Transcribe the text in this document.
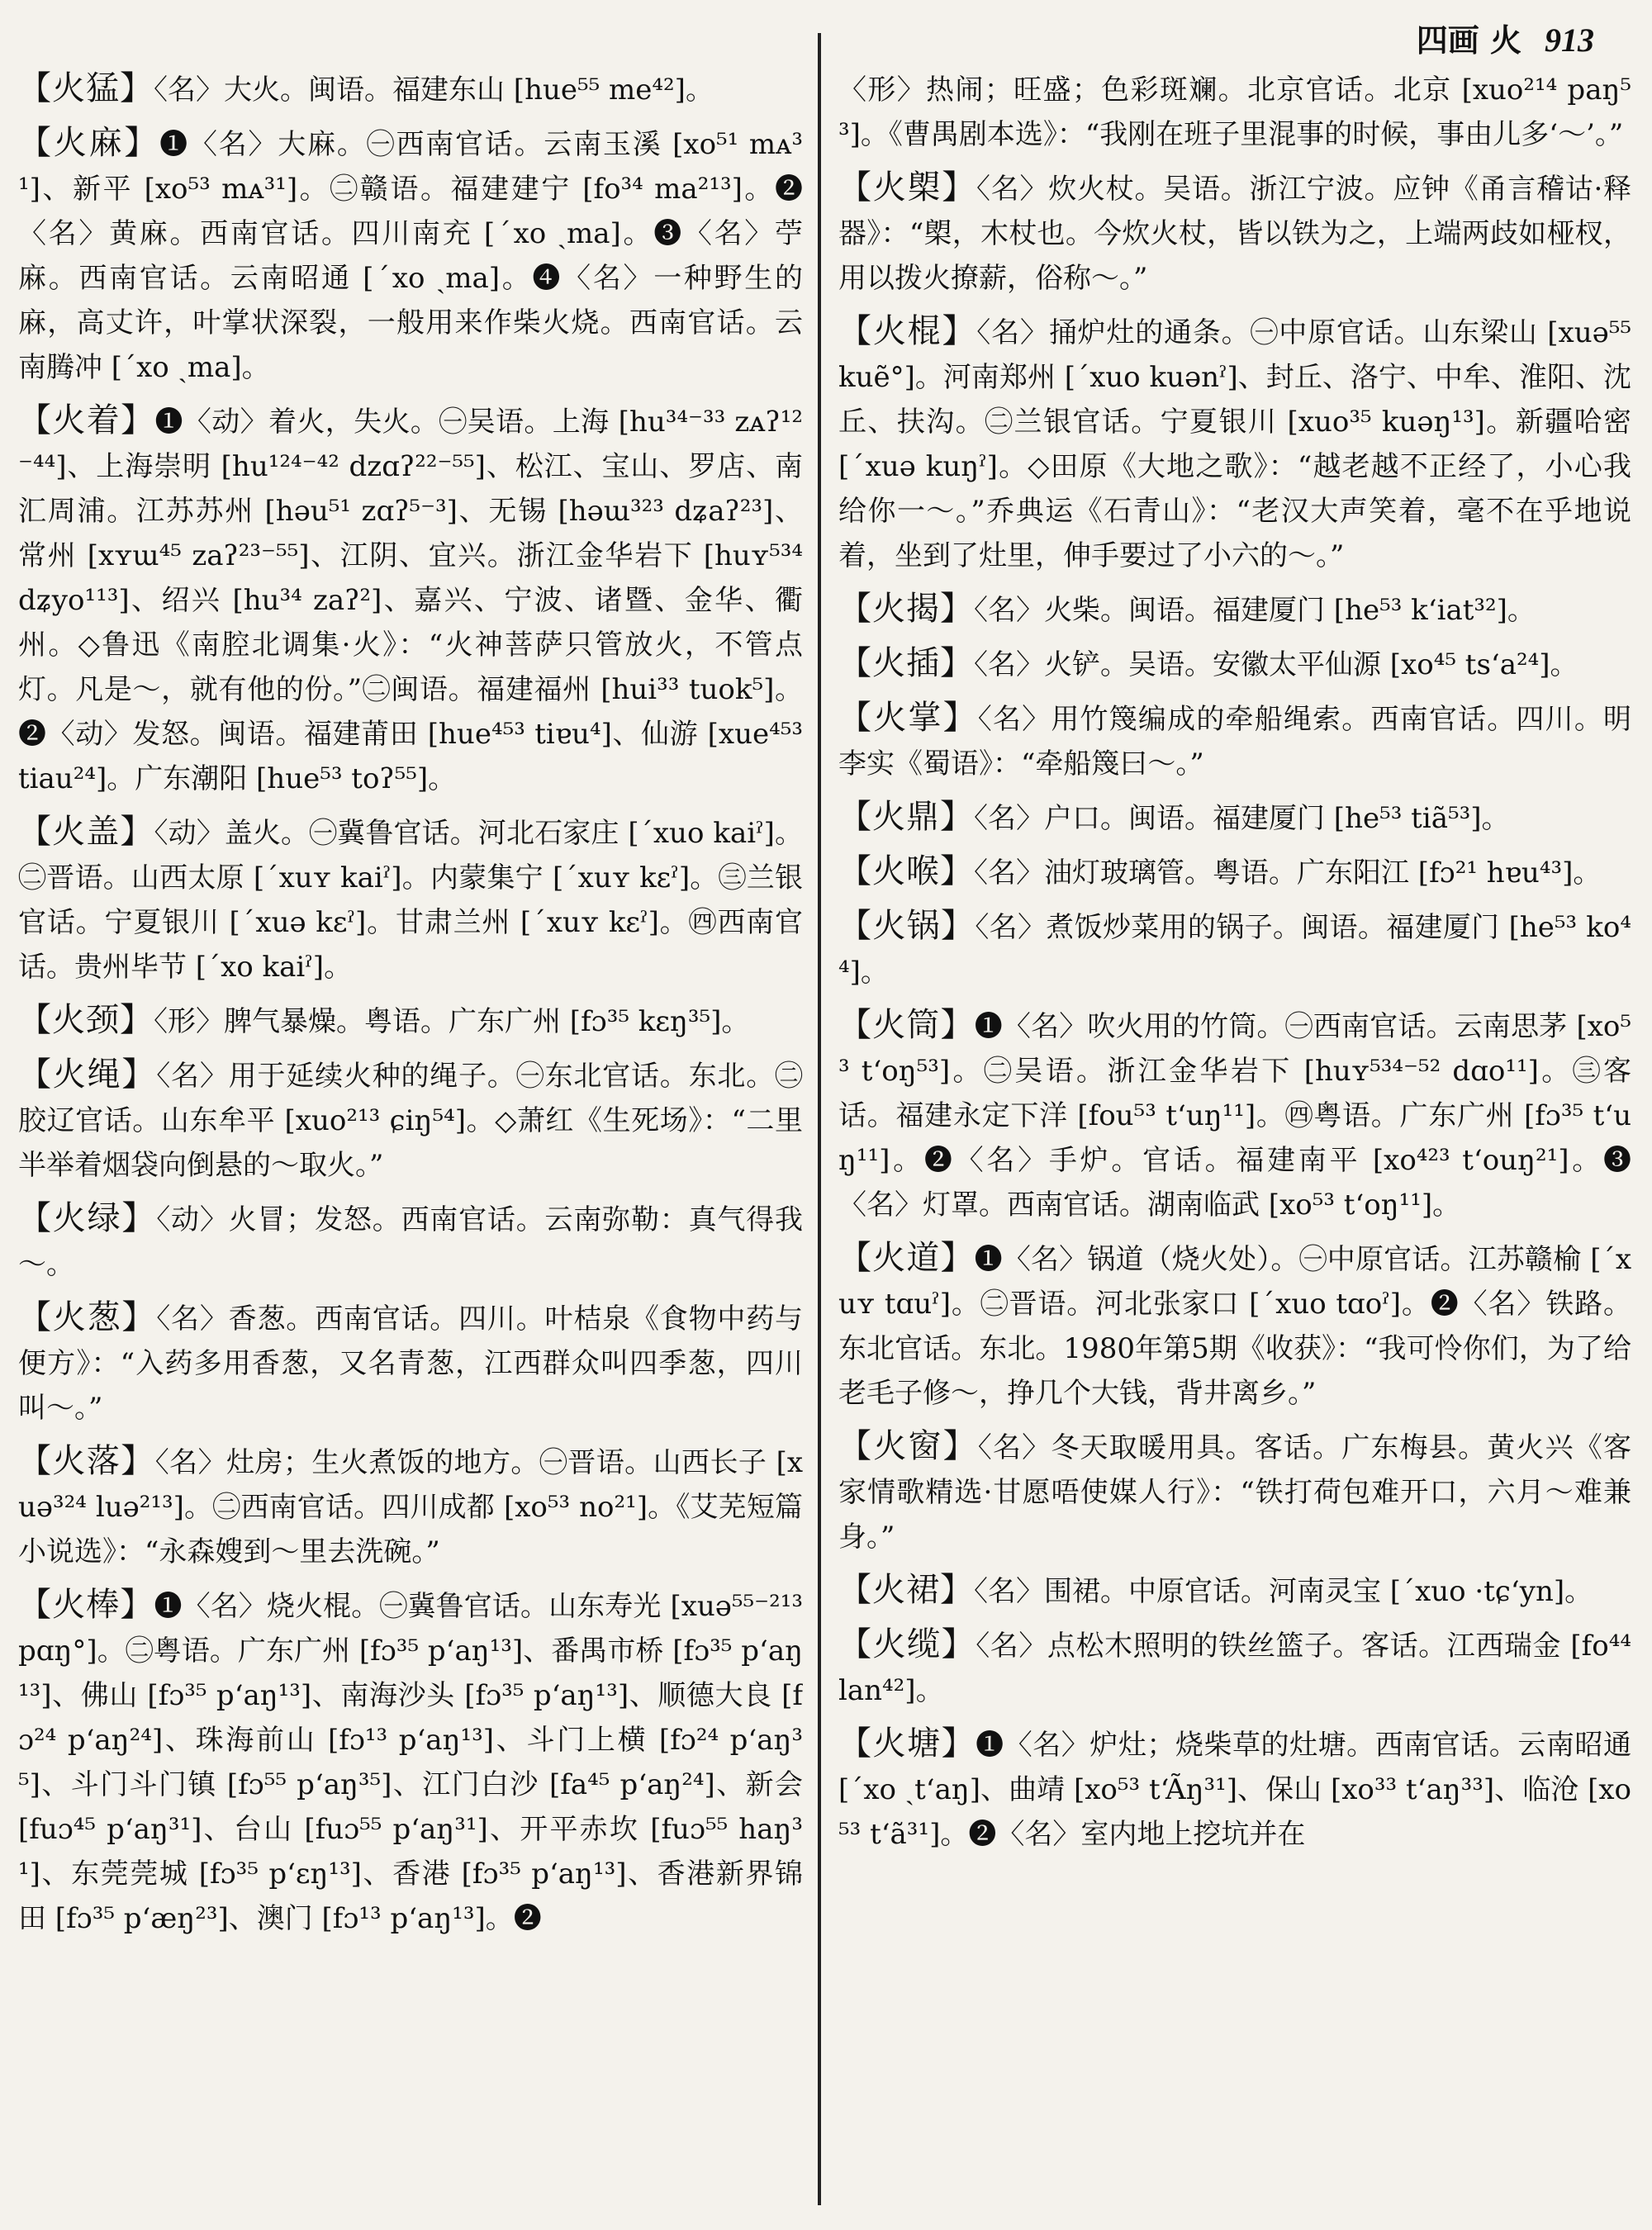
四画 火 913

【火猛】〈名〉大火。闽语。福建东山 [hue⁵⁵ me⁴²]。

【火麻】❶〈名〉大麻。㊀西南官话。云南玉溪 [xo⁵¹ mᴀ³¹]、新平 [xo⁵³ mᴀ³¹]。㊁赣语。福建建宁 [fo³⁴ ma²¹³]。❷〈名〉黄麻。西南官话。四川南充 [ˊxo ˏma]。❸〈名〉苧麻。西南官话。云南昭通 [ˊxo ˏma]。❹〈名〉一种野生的麻，高丈许，叶掌状深裂，一般用来作柴火烧。西南官话。云南腾冲 [ˊxo ˏma]。

【火着】❶〈动〉着火，失火。㊀吴语。上海 [hu³⁴⁻³³ zᴀʔ¹²⁻⁴⁴]、上海崇明 [hu¹²⁴⁻⁴² dzɑʔ²²⁻⁵⁵]、松江、宝山、罗店、南汇周浦。江苏苏州 [həu⁵¹ zɑʔ⁵⁻³]、无锡 [həɯ³²³ dʑaʔ²³]、常州 [xʏɯ⁴⁵ zaʔ²³⁻⁵⁵]、江阴、宜兴。浙江金华岩下 [huʏ⁵³⁴ dʑyo¹¹³]、绍兴 [hu³⁴ zaʔ²]、嘉兴、宁波、诸暨、金华、衢州。◇鲁迅《南腔北调集·火》：“火神菩萨只管放火，不管点灯。凡是～，就有他的份。”㊁闽语。福建福州 [hui³³ tuok⁵]。❷〈动〉发怒。闽语。福建莆田 [hue⁴⁵³ tiɐu⁴]、仙游 [xue⁴⁵³ tiau²⁴]。广东潮阳 [hue⁵³ toʔ⁵⁵]。

【火盖】〈动〉盖火。㊀冀鲁官话。河北石家庄 [ˊxuo kaiˀ]。㊁晋语。山西太原 [ˊxuʏ kaiˀ]。内蒙集宁 [ˊxuʏ kɛˀ]。㊂兰银官话。宁夏银川 [ˊxuə kɛˀ]。甘肃兰州 [ˊxuʏ kɛˀ]。㊃西南官话。贵州毕节 [ˊxo kaiˀ]。

【火颈】〈形〉脾气暴燥。粤语。广东广州 [fɔ³⁵ kɛŋ³⁵]。

【火绳】〈名〉用于延续火种的绳子。㊀东北官话。东北。㊁胶辽官话。山东牟平 [xuo²¹³ ɕiŋ⁵⁴]。◇萧红《生死场》：“二里半举着烟袋向倒悬的～取火。”

【火绿】〈动〉火冒；发怒。西南官话。云南弥勒：真气得我～。

【火葱】〈名〉香葱。西南官话。四川。叶桔泉《食物中药与便方》：“入药多用香葱，又名青葱，江西群众叫四季葱，四川叫～。”

【火落】〈名〉灶房；生火煮饭的地方。㊀晋语。山西长子 [xuə³²⁴ luə²¹³]。㊁西南官话。四川成都 [xo⁵³ no²¹]。《艾芜短篇小说选》：“永森嫂到～里去洗碗。”

【火棒】❶〈名〉烧火棍。㊀冀鲁官话。山东寿光 [xuə⁵⁵⁻²¹³ pɑŋ°]。㊁粤语。广东广州 [fɔ³⁵ pʻaŋ¹³]、番禺市桥 [fɔ³⁵ pʻaŋ¹³]、佛山 [fɔ³⁵ pʻaŋ¹³]、南海沙头 [fɔ³⁵ pʻaŋ¹³]、顺德大良 [fɔ²⁴ pʻaŋ²⁴]、珠海前山 [fɔ¹³ pʻaŋ¹³]、斗门上横 [fɔ²⁴ pʻaŋ³⁵]、斗门斗门镇 [fɔ⁵⁵ pʻaŋ³⁵]、江门白沙 [fa⁴⁵ pʻaŋ²⁴]、新会 [fuɔ⁴⁵ pʻaŋ³¹]、台山 [fuɔ⁵⁵ pʻaŋ³¹]、开平赤坎 [fuɔ⁵⁵ haŋ³¹]、东莞莞城 [fɔ³⁵ pʻɛŋ¹³]、香港 [fɔ³⁵ pʻaŋ¹³]、香港新界锦田 [fɔ³⁵ pʻæŋ²³]、澳门 [fɔ¹³ pʻaŋ¹³]。❷

〈形〉热闹；旺盛；色彩斑斓。北京官话。北京 [xuo²¹⁴ paŋ⁵³]。《曹禺剧本选》：“我刚在班子里混事的时候，事由儿多‘～’。”

【火㮾】〈名〉炊火杖。吴语。浙江宁波。应钟《甬言稽诂·释器》：“㮾，木杖也。今炊火杖，皆以铁为之，上端两歧如桠杈，用以拨火撩薪，俗称～。”

【火棍】〈名〉捅炉灶的通条。㊀中原官话。山东梁山 [xuə⁵⁵ kuẽ°]。河南郑州 [ˊxuo kuənˀ]、封丘、洛宁、中牟、淮阳、沈丘、扶沟。㊁兰银官话。宁夏银川 [xuo³⁵ kuəŋ¹³]。新疆哈密 [ˊxuə kuŋˀ]。◇田原《大地之歌》：“越老越不正经了，小心我给你一～。”乔典运《石青山》：“老汉大声笑着，毫不在乎地说着，坐到了灶里，伸手要过了小六的～。”

【火揭】〈名〉火柴。闽语。福建厦门 [he⁵³ kʻiat³²]。

【火插】〈名〉火铲。吴语。安徽太平仙源 [xo⁴⁵ tsʻa²⁴]。

【火掌】〈名〉用竹篾编成的牵船绳索。西南官话。四川。明李实《蜀语》：“牵船篾曰～。”

【火鼎】〈名〉户口。闽语。福建厦门 [he⁵³ tiã⁵³]。

【火喉】〈名〉油灯玻璃管。粤语。广东阳江 [fɔ²¹ hɐu⁴³]。

【火锅】〈名〉煮饭炒菜用的锅子。闽语。福建厦门 [he⁵³ ko⁴⁴]。

【火筒】❶〈名〉吹火用的竹筒。㊀西南官话。云南思茅 [xo⁵³ tʻoŋ⁵³]。㊁吴语。浙江金华岩下 [huʏ⁵³⁴⁻⁵² dɑo¹¹]。㊂客话。福建永定下洋 [fou⁵³ tʻuŋ¹¹]。㊃粤语。广东广州 [fɔ³⁵ tʻuŋ¹¹]。❷〈名〉手炉。官话。福建南平 [xo⁴²³ tʻouŋ²¹]。❸〈名〉灯罩。西南官话。湖南临武 [xo⁵³ tʻoŋ¹¹]。

【火道】❶〈名〉锅道（烧火处）。㊀中原官话。江苏赣榆 [ˊxuʏ tɑuˀ]。㊁晋语。河北张家口 [ˊxuo tɑoˀ]。❷〈名〉铁路。东北官话。东北。1980年第5期《收获》：“我可怜你们，为了给老毛子修～，挣几个大钱，背井离乡。”

【火窗】〈名〉冬天取暖用具。客话。广东梅县。黄火兴《客家情歌精选·甘愿唔使媒人行》：“铁打荷包难开口，六月～难兼身。”

【火裙】〈名〉围裙。中原官话。河南灵宝 [ˊxuo ·tɕʻyn]。

【火缆】〈名〉点松木照明的铁丝篮子。客话。江西瑞金 [fo⁴⁴ lan⁴²]。

【火塘】❶〈名〉炉灶；烧柴草的灶塘。西南官话。云南昭通 [ˊxo ˏtʻaŋ]、曲靖 [xo⁵³ tʻÃŋ³¹]、保山 [xo³³ tʻaŋ³³]、临沧 [xo⁵³ tʻã³¹]。❷〈名〉室内地上挖坑并在
